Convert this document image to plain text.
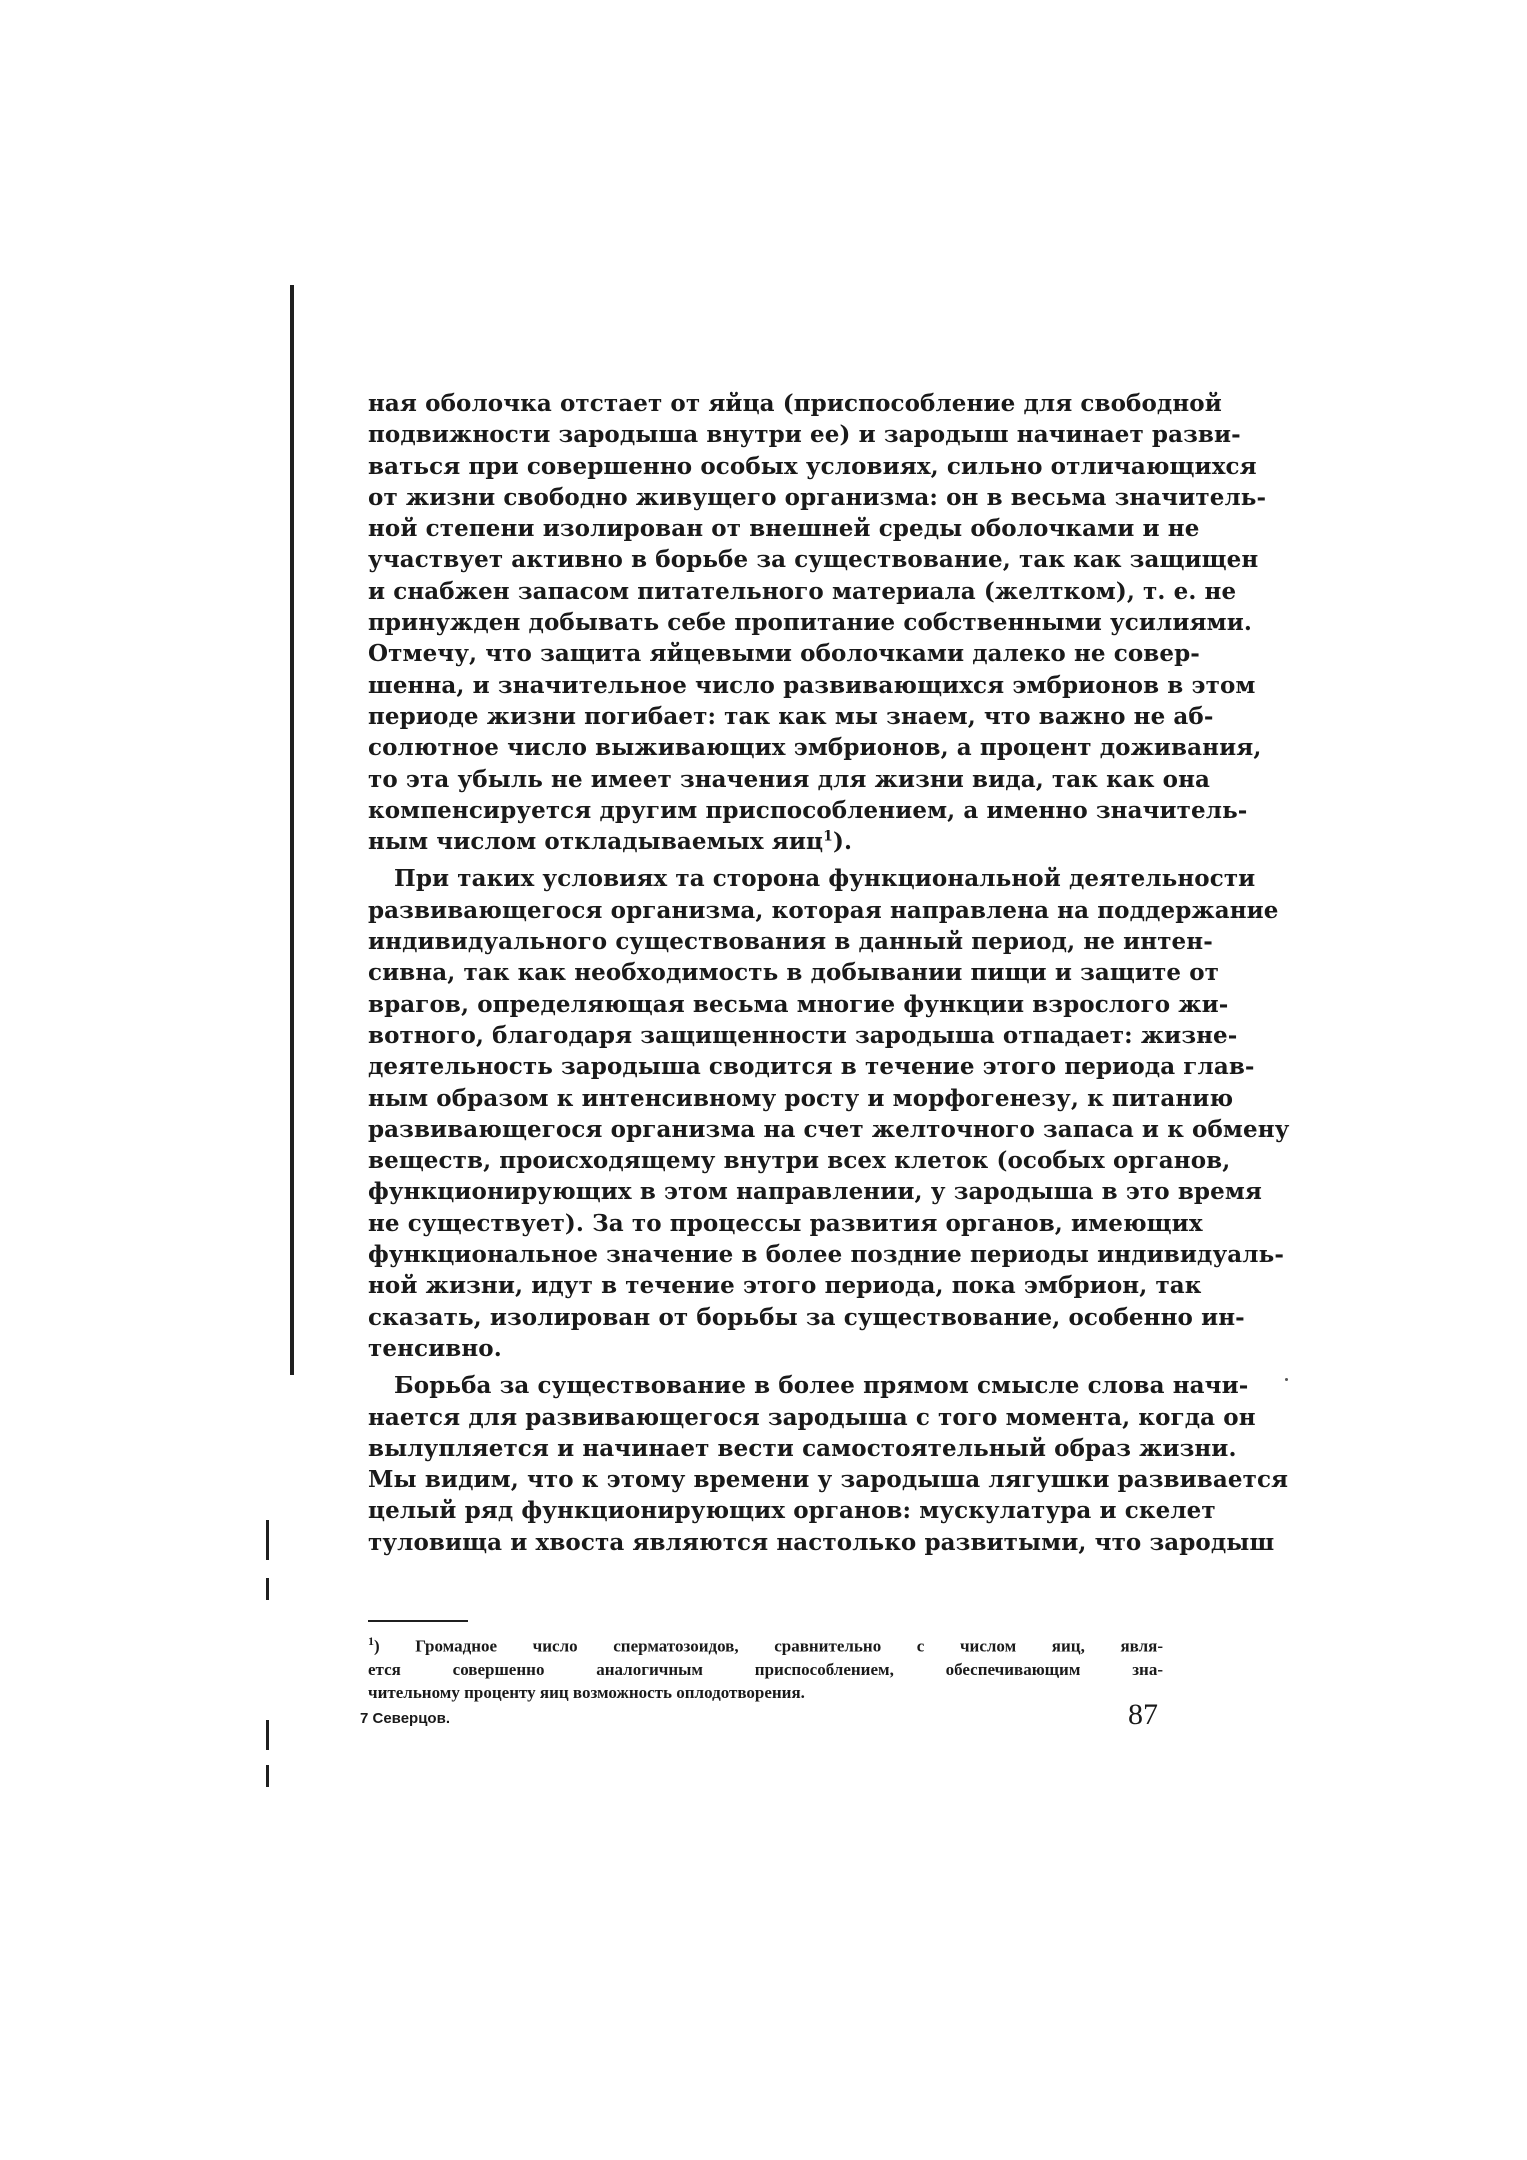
ная оболочка отстает от яйца (приспособление для свободной
подвижности зародыша внутри ее) и зародыш начинает разви-
ваться при совершенно особых условиях, сильно отличающихся
от жизни свободно живущего организма: он в весьма значитель-
ной степени изолирован от внешней среды оболочками и не
участвует активно в борьбе за существование, так как защищен
и снабжен запасом питательного материала (желтком), т. е. не
принужден добывать себе пропитание собственными усилиями.
Отмечу, что защита яйцевыми оболочками далеко не совер-
шенна, и значительное число развивающихся эмбрионов в этом
периоде жизни погибает: так как мы знаем, что важно не аб-
солютное число выживающих эмбрионов, а процент доживания,
то эта убыль не имеет значения для жизни вида, так как она
компенсируется другим приспособлением, а именно значитель-
ным числом откладываемых яиц$^1$).

При таких условиях та сторона функциональной деятельности
развивающегося организма, которая направлена на поддержание
индивидуального существования в данный период, не интен-
сивна, так как необходимость в добывании пищи и защите от
врагов, определяющая весьма многие функции взрослого жи-
вотного, благодаря защищенности зародыша отпадает: жизне-
деятельность зародыша сводится в течение этого периода глав-
ным образом к интенсивному росту и морфогенезу, к питанию
развивающегося организма на счет желточного запаса и к обмену
веществ, происходящему внутри всех клеток (особых органов,
функционирующих в этом направлении, у зародыша в это время
не существует). За то процессы развития органов, имеющих
функциональное значение в более поздние периоды индивидуаль-
ной жизни, идут в течение этого периода, пока эмбрион, так
сказать, изолирован от борьбы за существование, особенно ин-
тенсивно.

Борьба за существование в более прямом смысле слова начи-
нается для развивающегося зародыша с того момента, когда он
вылупляется и начинает вести самостоятельный образ жизни.
Мы видим, что к этому времени у зародыша лягушки развивается
целый ряд функционирующих органов: мускулатура и скелет
туловища и хвоста являются настолько развитыми, что зародыш

$^1$) Громадное число сперматозоидов, сравнительно с числом яиц, явля-
ется совершенно аналогичным приспособлением, обеспечивающим зна-
чительному проценту яиц возможность оплодотворения.
7 Северцов.	87
